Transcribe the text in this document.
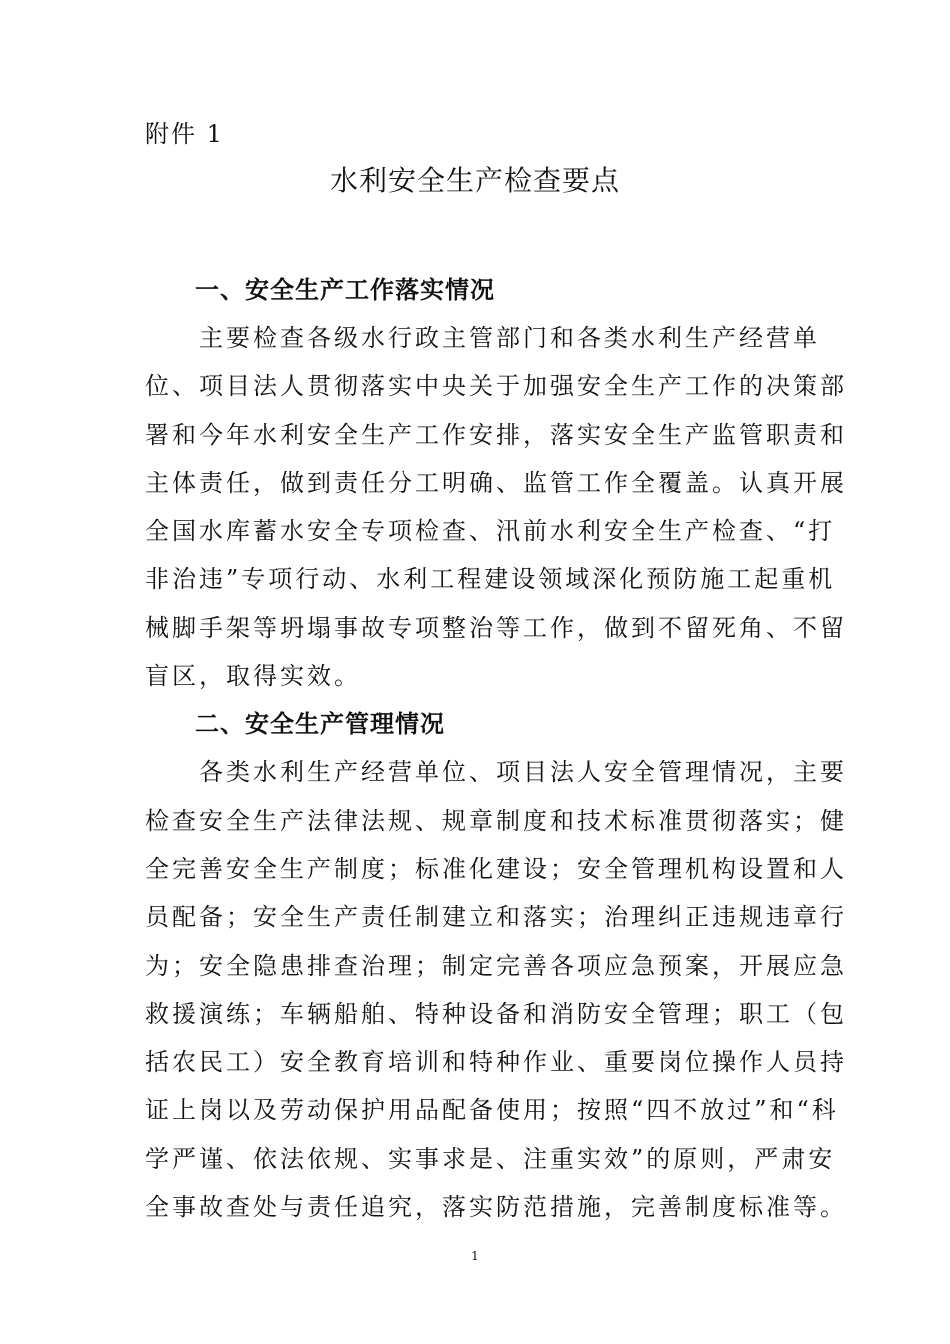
附件 1
水利安全生产检查要点
一、安全生产工作落实情况

主要检查各级水行政主管部门和各类水利生产经营单
位、项目法人贯彻落实中央关于加强安全生产工作的决策部
署和今年水利安全生产工作安排，落实安全生产监管职责和
主体责任，做到责任分工明确、监管工作全覆盖。认真开展
全国水库蓄水安全专项检查、汛前水利安全生产检查、“打
非治违”专项行动、水利工程建设领域深化预防施工起重机
械脚手架等坍塌事故专项整治等工作，做到不留死角、不留
盲区，取得实效。

二、安全生产管理情况

各类水利生产经营单位、项目法人安全管理情况，主要
检查安全生产法律法规、规章制度和技术标准贯彻落实；健
全完善安全生产制度；标准化建设；安全管理机构设置和人
员配备；安全生产责任制建立和落实；治理纠正违规违章行
为；安全隐患排查治理；制定完善各项应急预案，开展应急
救援演练；车辆船舶、特种设备和消防安全管理；职工（包
括农民工）安全教育培训和特种作业、重要岗位操作人员持
证上岗以及劳动保护用品配备使用；按照“四不放过”和“科
学严谨、依法依规、实事求是、注重实效”的原则，严肃安
全事故查处与责任追究，落实防范措施，完善制度标准等。

1
